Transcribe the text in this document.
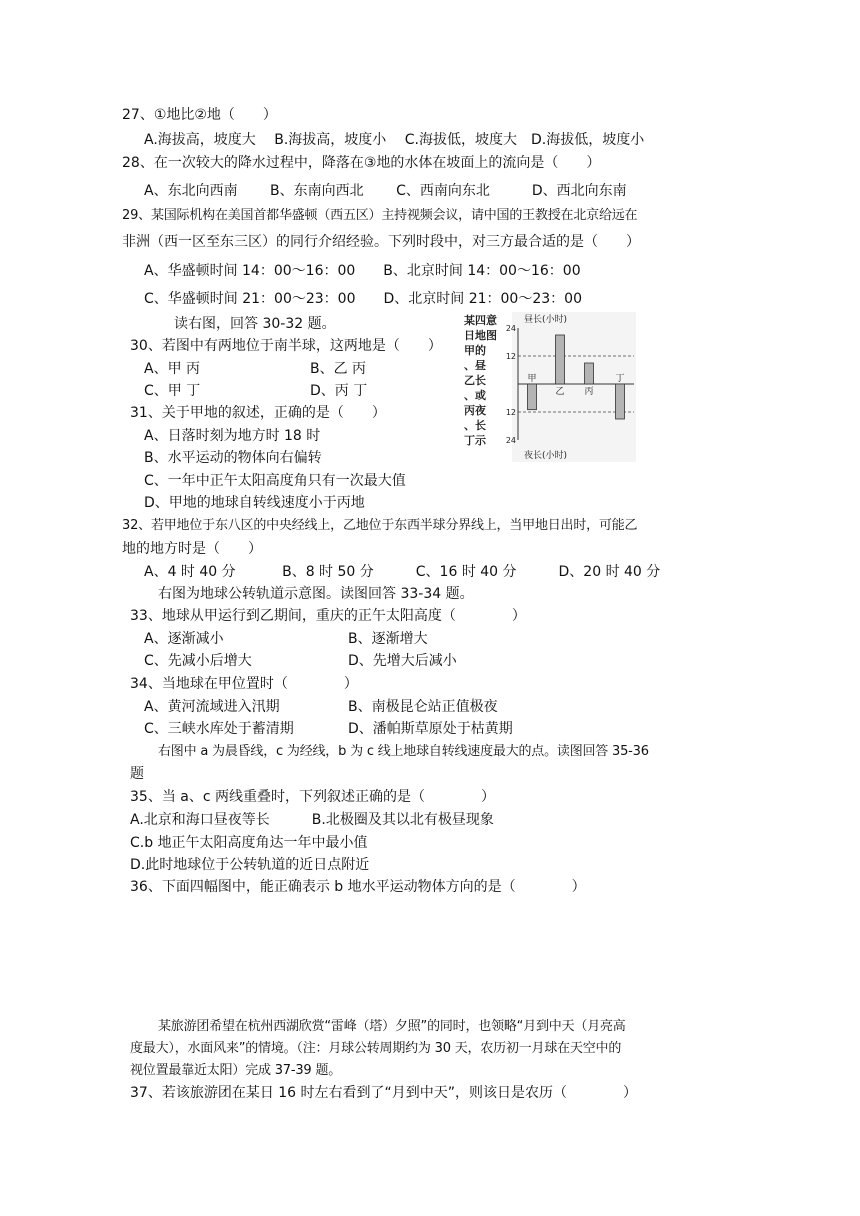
27、①地比②地（　　）
A.海拔高，坡度大　 B.海拔高，坡度小　 C.海拔低，坡度大　D.海拔低，坡度小
28、在一次较大的降水过程中，降落在③地的水体在坡面上的流向是（　　）
A、东北向西南　　 B、东南向西北　　 C、西南向东北　　　D、西北向东南
29、某国际机构在美国首都华盛顿（西五区）主持视频会议，请中国的王教授在北京给远在
非洲（西一区至东三区）的同行介绍经验。下列时段中，对三方最合适的是（　　）
A、华盛顿时间 14：00～16：00　　B、北京时间 14：00～16：00
C、华盛顿时间 21：00～23：00　　D、北京时间 21：00～23：00
读右图，回答 30-32 题。
30、若图中有两地位于南半球，这两地是（　　）
A、甲 丙	B、乙 丙
C、甲 丁	D、丙 丁
31、关于甲地的叙述，正确的是（　　）
A、日落时刻为地方时 18 时
B、水平运动的物体向右偏转
C、一年中正午太阳高度角只有一次最大值
D、甲地的地球自转线速度小于丙地
某
日
甲
、
乙
、
丙
、
丁
四
地
的
昼
长
或
夜
长
示
意
图
昼长(小时)
夜长(小时)
甲
乙 丙
丁
24
12
12
24
32、若甲地位于东八区的中央经线上，乙地位于东西半球分界线上，当甲地日出时，可能乙
地的地方时是（　　）
A、4 时 40 分　　　 B、8 时 50 分　　　C、16 时 40 分　　　D、20 时 40 分
右图为地球公转轨道示意图。读图回答 33-34 题。
33、地球从甲运行到乙期间，重庆的正午太阳高度（　　　　）
A、逐渐减小	B、逐渐增大
C、先减小后增大	D、先增大后减小
34、当地球在甲位置时（　　　　）
A、黄河流域进入汛期	B、南极昆仑站正值极夜
C、三峡水库处于蓄清期	D、潘帕斯草原处于枯黄期
右图中 a 为晨昏线，c 为经线，b 为 c 线上地球自转线速度最大的点。读图回答 35-36
题
35、当 a、c 两线重叠时，下列叙述正确的是（　　　　）
A.北京和海口昼夜等长　　　B.北极圈及其以北有极昼现象
C.b 地正午太阳高度角达一年中最小值
D.此时地球位于公转轨道的近日点附近
36、下面四幅图中，能正确表示 b 地水平运动物体方向的是（　　　　）
某旅游团希望在杭州西湖欣赏“雷峰（塔）夕照”的同时，也领略“月到中天（月亮高
度最大），水面风来”的情境。（注：月球公转周期约为 30 天，农历初一月球在天空中的
视位置最靠近太阳）完成 37-39 题。
37、若该旅游团在某日 16 时左右看到了“月到中天”，则该日是农历（　　　　）
